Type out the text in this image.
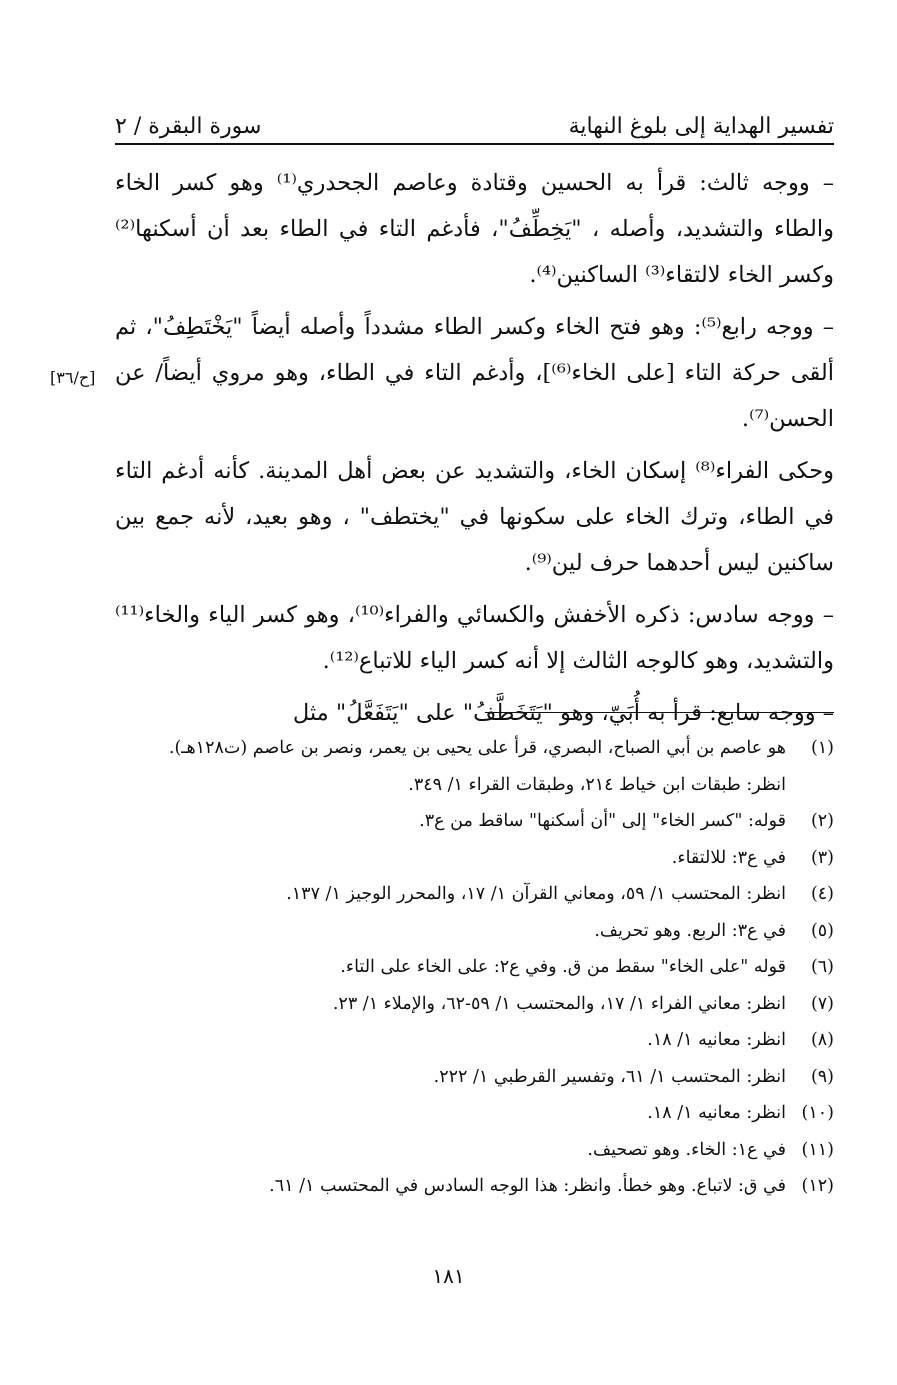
تفسير الهداية إلى بلوغ النهاية
سورة البقرة / ٢

– ووجه ثالث: قرأ به الحسين وقتادة وعاصم الجحدري⁽¹⁾ وهو كسر الخاء والطاء والتشديد، وأصله ، "يَخِطِّفُ"، فأدغم التاء في الطاء بعد أن أسكنها⁽²⁾ وكسر الخاء لالتقاء⁽³⁾ الساكنين⁽⁴⁾.

– ووجه رابع⁽⁵⁾: وهو فتح الخاء وكسر الطاء مشدداً وأصله أيضاً "يَخْتَطِفُ"، ثم ألقى حركة التاء [على الخاء⁽⁶⁾]، وأدغم التاء في الطاء، وهو مروي أيضاً/ عن الحسن⁽⁷⁾.

وحكى الفراء⁽⁸⁾ إسكان الخاء، والتشديد عن بعض أهل المدينة. كأنه أدغم التاء في الطاء، وترك الخاء على سكونها في "يختطف" ، وهو بعيد، لأنه جمع بين ساكنين ليس أحدهما حرف لين⁽⁹⁾.

– ووجه سادس: ذكره الأخفش والكسائي والفراء⁽¹⁰⁾، وهو كسر الياء والخاء⁽¹¹⁾ والتشديد، وهو كالوجه الثالث إلا أنه كسر الياء للاتباع⁽¹²⁾.

– ووجه سابع: قرأ به أُبَيّ، وهو "يَتَخَطَّفُ" على "يَتَفَعَّلُ" مثل

[ح/٣٦]
(١)
هو عاصم بن أبي الصباح، البصري، قرأ على يحيى بن يعمر، ونصر بن عاصم (ت١٢٨هـ).
انظر: طبقات ابن خياط ٢١٤، وطبقات القراء ١/ ٣٤٩.
(٢)
قوله: "كسر الخاء" إلى "أن أسكنها" ساقط من ع٣.
(٣)
في ع٣: للالتقاء.
(٤)
انظر: المحتسب ١/ ٥٩، ومعاني القرآن ١/ ١٧، والمحرر الوجيز ١/ ١٣٧.
(٥)
في ع٣: الربع. وهو تحريف.
(٦)
قوله "على الخاء" سقط من ق. وفي ع٢: على الخاء على التاء.
(٧)
انظر: معاني الفراء ١/ ١٧، والمحتسب ١/ ٥٩-٦٢، والإملاء ١/ ٢٣.
(٨)
انظر: معانيه ١/ ١٨.
(٩)
انظر: المحتسب ١/ ٦١، وتفسير القرطبي ١/ ٢٢٢.
(١٠)
انظر: معانيه ١/ ١٨.
(١١)
في ع١: الخاء. وهو تصحيف.
(١٢)
في ق: لاتباع. وهو خطأ. وانظر: هذا الوجه السادس في المحتسب ١/ ٦١.
١٨١
